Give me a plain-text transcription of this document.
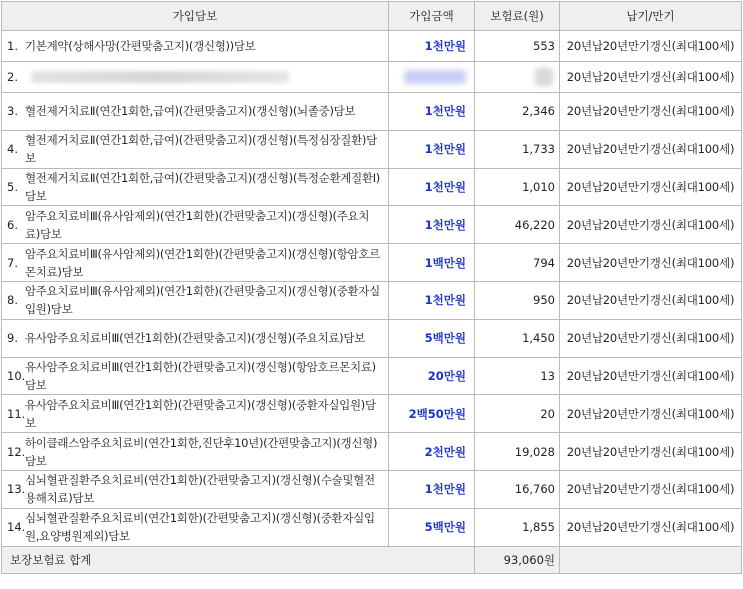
가입담보	가입금액	보험료(원)	납기/만기

1. 기본계약(상해사망(간편맞춤고지)(갱신형))담보	1천만원	553	20년납20년만기갱신(최대100세)

2.			20년납20년만기갱신(최대100세)

3. 혈전제거치료Ⅱ(연간1회한,급여)(간편맞춤고지)(갱신형)(뇌졸중)담보	1천만원	2,346	20년납20년만기갱신(최대100세)

4.
혈전제거치료Ⅱ(연간1회한,급여)(간편맞춤고지)(갱신형)(특정심장질환)담보	1천만원	1,733	20년납20년만기갱신(최대100세)

5.
혈전제거치료Ⅱ(연간1회한,급여)(간편맞춤고지)(갱신형)(특정순환계질환Ⅰ)담보	1천만원	1,010	20년납20년만기갱신(최대100세)

6.
암주요치료비Ⅲ(유사암제외)(연간1회한)(간편맞춤고지)(갱신형)(주요치료)담보	1천만원	46,220	20년납20년만기갱신(최대100세)

7.
암주요치료비Ⅲ(유사암제외)(연간1회한)(간편맞춤고지)(갱신형)(항암호르몬치료)담보	1백만원	794	20년납20년만기갱신(최대100세)

8.
암주요치료비Ⅲ(유사암제외)(연간1회한)(간편맞춤고지)(갱신형)(중환자실입원)담보	1천만원	950	20년납20년만기갱신(최대100세)

9. 유사암주요치료비Ⅲ(연간1회한)(간편맞춤고지)(갱신형)(주요치료)담보	5백만원	1,450	20년납20년만기갱신(최대100세)

10.
유사암주요치료비Ⅲ(연간1회한)(간편맞춤고지)(갱신형)(항암호르몬치료)담보	20만원	13	20년납20년만기갱신(최대100세)

11.
유사암주요치료비Ⅲ(연간1회한)(간편맞춤고지)(갱신형)(중환자실입원)담보	2백50만원	20	20년납20년만기갱신(최대100세)

12.
하이클래스암주요치료비(연간1회한,진단후10년)(간편맞춤고지)(갱신형)담보	2천만원	19,028	20년납20년만기갱신(최대100세)

13.
심뇌혈관질환주요치료비(연간1회한)(간편맞춤고지)(갱신형)(수술및혈전용해치료)담보	1천만원	16,760	20년납20년만기갱신(최대100세)

14.
심뇌혈관질환주요치료비(연간1회한)(간편맞춤고지)(갱신형)(중환자실입원,요양병원제외)담보	5백만원	1,855	20년납20년만기갱신(최대100세)
보장보험료 합계		93,060원	
